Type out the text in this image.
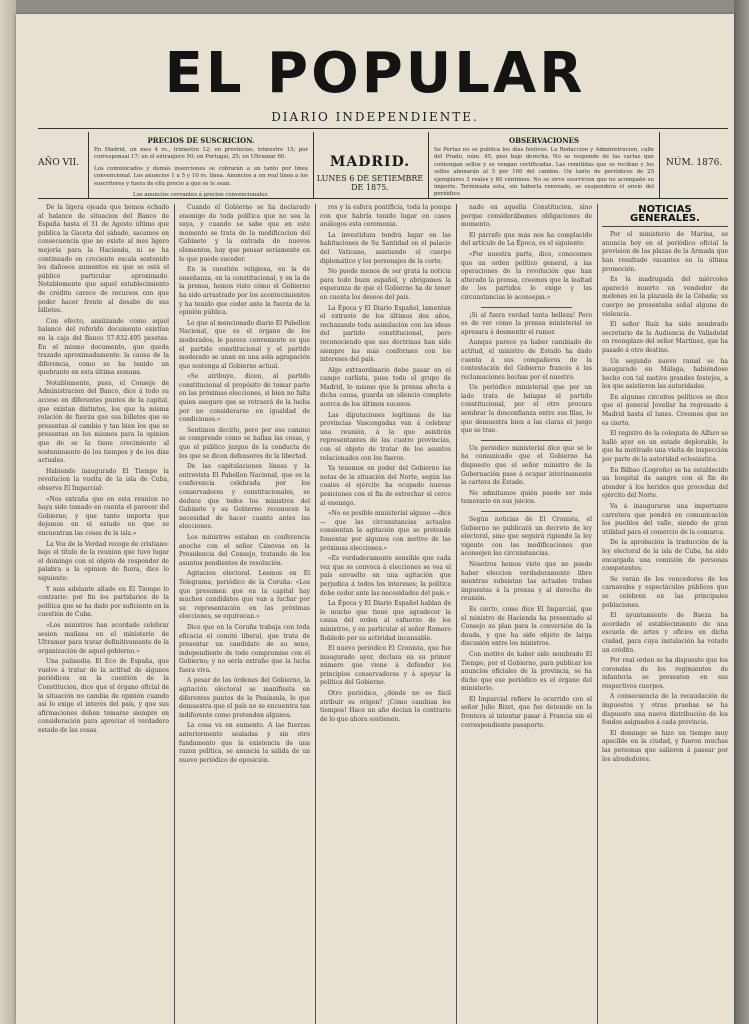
EL POPULAR
DIARIO INDEPENDIENTE.
AÑO VII.
PRECIOS DE SUSCRICION.
En Madrid, un mes 4 rs., trimestre 12; en provincias, trimestre 15; por corresponsal 17; en el extranjero 50; en Portugal, 25; en Ultramar 60.
Los comunicados y demás inserciones se cobrarán a un tanto por línea convencional. Los anuncios 1 a 5 y 10 rs. línea. Anuncios a un real línea a los suscritores y fuera de ella precio a que se le sean.
Los anuncios cervantes á precios convencionales.
MADRID.
LUNES 6 DE SETIEMBRE DE 1875.
OBSERVACIONES
Se Portaz no se publica los días festivos. La Redaccion y Administracion, calle del Prado, núm. 45, piso bajo derecha. No se responde de las cartas que contengan sellos y se vengan certificadas. Las remitidas que se reciban y los sellos abonarán al 5 por 100 del cambio. Un tanto de periódicos de 25 ejemplares 3 reales y 80 céntimos. No se sirve suscricion que no acompañe su importe. Terminada esta, sin haberla renovado, se suspenderá el envío del periódico.
NÚM. 1876.

De la ligera ojeada que hemos echado al balance de situacion del Banco de España hasta el 31 de Agosto último que publica la Gaceta del sábado, sacamos en consecuencia que no existe al mes ligero mejoría para la Hacienda, ni se ha continuado en creciente escala sostenido los dañosos aumentos en que se está el público particular aproximado. Notablemente que aquel establecimiento de crédito carece de recursos con que poder hacer frente al desabo de sus billetes.

Con efecto, analizando como aquel balance del referido documento existían en la caja del Banco 57.832.495 pesetas. En el mismo documento, que queda trazado aproximadamente: la causa de la diferencia, como se ha tenido un quebranto en esta última semana.

Notablemente, pues, el Consejo de Administracion del Banco, dice á todo su acceso en diferentes puntos de la capital, que existan distintos, los que la misma relación de fuerza que sus billetes que se presentan al cambio y tan bien los que se presentan en los mismos para la opinion que de se la tiene crecimiento al sostenimiento de los tiempos y de los días actuales.

Habiendo inaugurado El Tiempo la revolucion la vuelta de la isla de Cuba, observa El Imparcial:

«Nos extraña que en esta reunion no haya sido tomado en cuenta el parecer del Gobierno, y que tanto importa que dejemos en el estado en que se encuentran las cosas de la isla.»

La Voz de la Verdad recoge de cristiano: bajo el título de la reunion que tuvo lugar el domingo con el objeto de responder de palabra a la opinion de fuera, dice lo siguiente:

Y más adelante añade en El Tiempo lo contrario: por fin los partidarios de la política que se ha dado por suficiente en la cuestión de Cuba.

«Los ministros han acordado celebrar sesion mañana en el ministerio de Ultramar para tratar definitivamente de la organización de aquel gobierno.»

Una palinodia. El Eco de España, que vuelve á tratar de la actitud de algunos periódicos en la cuestión de la Constitucion, dice que el órgano oficial de la situación no cambia de opinión cuando así lo exige el interés del país, y que sus afirmaciones deben tomarse siempre en consideración para apreciar el verdadero estado de las cosas.

Cuando el Gobierno se ha declarado enemigo de toda política que no sea la suya, y cuando se sabe que en este momento se trata de la modificacion del Gabinete y la entrada de nuevos elementos, hay que pensar seriamente en lo que puede suceder.

En la cuestión religiosa, en la de enseñanza, en la constitucional, y en la de la prensa, hemos visto cómo el Gobierno ha sido arrastrado por los acontecimientos y ha tenido que ceder ante la fuerza de la opinión pública.

Lo que al mencionado diario El Pabellon Nacional, que es el órgano de los moderados, le parece conveniente es que el partido constitucional y el partido moderado se unan en una sola agrupación que sostenga al Gobierno actual.

«Se atribuye, dicen, al partido constitucional el propósito de tomar parte en las próximas elecciones, si bien no falta quien asegure que se retraerá de la lucha por no considerarse en igualdad de condiciones.»

Sentimos decirlo, pero por ese camino se comprende cómo se hallan las cosas, y que el público juzgue de la conducta de los que se dicen defensores de la libertad.

De las capitulaciones líneas y la entrevista El Pabellon Nacional, que es la conferencia celebrada por los conservadores y constitucionales, se deduce que todos los ministros del Gabinete y su Gobierno reconocen la necesidad de hacer cuanto antes las elecciones.

Los ministros estaban en conferencia anoche con el señor Cánovas en la Presidencia del Consejo, tratando de los asuntos pendientes de resolución.

Agitacion electoral. Leemos en El Telegrama, periódico de la Coruña: «Los que presumen que en la capital hay muchos candidatos que van a luchar por su representación en las próximas elecciones, se equivocan.»

Dice que en la Coruña trabaja con toda eficacia el comité liberal, que trata de presentar un candidato de su seno, independiente de todo compromiso con el Gobierno; y no sería extraño que la lucha fuera viva.

A pesar de las órdenes del Gobierno, la agitación electoral se manifiesta en diferentes puntos de la Península, lo que demuestra que el país no se encuentra tan indiferente como pretenden algunos.

La cosa va en aumento. A las fuerzas anteriormente sealadas y sin otro fundamento que la existencia de una razon política, se anuncia la salida de un nuevo periódico de oposición.

res y la esfera pontificia, toda la pompa con que habría tenido lugar en casos análogos esta ceremonia.

La investidura tendrá lugar en las habitaciones de Su Santidad en el palacio del Vaticano, asistiendo el cuerpo diplomático y los personajes de la corte.

No puede menos de ser grata la noticia para todo buen español, y abrigamos la esperanza de que el Gobierno ha de tener en cuenta los deseos del país.

La Época y El Diario Español, lamentan el extravío de los últimos dos años, rechazando toda asimilación con las ideas del partido constitucional, pero reconociendo que sus doctrinas han sido siempre las más conformes con los intereses del país.

Algo extraordinario debe pasar en el campo carlista, pues todo el grupo de Madrid, lo mismo que la prensa afecta a dicha causa, guarda un silencio completo acerca de los últimos sucesos.

Las diputaciones legítimas de las provincias Vascongadas van á celebrar una reunión, á la que asistirán representantes de las cuatro provincias, con el objeto de tratar de los asuntos relacionados con los fueros.

Ya tenemos en poder del Gobierno las notas de la situación del Norte, según las cuales el ejército ha ocupado nuevas posiciones con el fin de estrechar el cerco al enemigo.

«No es posible ministerial alguno —dice— que las circunstancias actuales consientan la agitación que se pretende fomentar por algunos con motivo de las próximas elecciones.»

«Es verdaderamente sensible que cada vez que se convoca á elecciones se vea el país envuelto en una agitación que perjudica á todos los intereses; la política debe ceder ante las necesidades del país.»

La Época y El Diario Español hablan de lo mucho que tiene que agradecer la causa del orden al esfuerzo de los ministros, y en particular al señor Romero Robledo por su actividad incansable.

El nuevo periódico El Cronista, que fue inaugurado ayer, declara en su primer número que viene á defender los principios conservadores y á apoyar la política del Gobierno.

Otro periódico, ¿dónde no es fácil atribuir su origen? ¡Cómo cambian los tiempos! Hace un año decían lo contrario de lo que ahora sostienen.

nado en aquella Constitucion, sino porque considerábamos obligaciones de momento.

El párrafo que más nos ha complacido del artículo de La Época, es el siguiente:

«Por nuestra parte, dice, conocemos que un orden político general, a las operaciones de la revolución que han alterado la prensa, creemos que la lealtad de los partidos lo exige y las circunstancias lo aconsejan.»

¡Si al fuera verdad tanta belleza! Pero es de ver cómo la prensa ministerial se apresura á desmentir el rumor.

Aunque parece ya haber cambiado de actitud, el ministro de Estado ha dado cuenta á sus compañeros de la contestación del Gobierno francés á las reclamaciones hechas por el nuestro.

Un periódico ministerial que por un lado trata de halagar al partido constitucional, por el otro procura sembrar la desconfianza entre sus filas, lo que demuestra bien a las claras el juego que se trae.

Un periódico ministerial dice que se le ha comunicado que el Gobierno ha dispuesto que el señor ministro de la Gobernación pase á ocupar interinamente la cartera de Estado.

No admitamos quién puede ser más temerario en sus juicios.

Según noticias de El Cronista, el Gobierno no publicará un decreto de ley electoral, sino que seguirá rigiendo la ley vigente con las modificaciones que aconsejen las circunstancias.

Nosotros hemos visto que no puede haber eleccion verdaderamente libre mientras subsistan las actuales trabas impuestas á la prensa y al derecho de reunión.

Es cierto, como dice El Imparcial, que el ministro de Hacienda ha presentado al Consejo su plan para la conversión de la deuda, y que ha sido objeto de larga discusión entre los ministros.

Con motivo de haber sido nombrado El Tiempo, por el Gobierno, para publicar los anuncios oficiales de la provincia, se ha dicho que ese periódico es el órgano del ministerio.

El Imparcial refiere lo ocurrido con el señor Julio Bizet, que fue detenido en la frontera al intentar pasar á Francia sin el correspondiente pasaporte.

NOTICIAS GENERALES.

Por el ministerio de Marina, se anuncia hoy en el periódico oficial la provision de las plazas de la Armada que han resultado vacantes en la última promoción.

Es la madrugada del miércoles apareció muerto un vendedor de melones en la plazuela de la Cebada; su cuerpo no presentaba señal alguna de violencia.

El señor Ruíz ha sido nombrado secretario de la Audiencia de Valladolid en reemplazo del señor Martínez, que ha pasado á otro destino.

Un segundo nuevo ramal se ha inaugurado en Málaga, habiéndose hecho con tal motivo grandes festejos, a los que asistieron las autoridades.

En algunas circuitos políticos se dice que el general Jovellar ha regresado á Madrid hasta el lunes. Creemos que no es cierto.

El registro de la colegiata de Alfaro se halló ayer en un estado deplorable, lo que ha motivado una visita de inspección por parte de la autoridad eclesiástica.

En Bilbao (Logroño) se ha establecido un hospital de sangre con el fin de atender á los heridos que procedan del ejército del Norte.

Va á inaugurarse una importante carretera que pondrá en comunicación los pueblos del valle, siendo de gran utilidad para el comercio de la comarca.

De la aprobación la traducción de la ley electoral de la isla de Cuba, ha sido encargada una comisión de personas competentes.

Se verán de los vencedores de los carnavales y espectáculos públicos que se celebren en las principales poblaciones.

El ayuntamiento de Baeza ha acordado el establecimiento de una escuela de artes y oficios en dicha ciudad, para cuya instalación ha votado un crédito.

Por real orden se ha dispuesto que los coroneles de los regimientos de infantería se presenten en sus respectivos cuerpos.

A consecuencia de la recaudación de impuestos y otras pruebas se ha dispuesto una nueva distribución de los fondos asignados á cada provincia.

El domingo se hizo un tiempo muy apacible en la ciudad, y fueron muchas las personas que salieron á pasear por los alrededores.
